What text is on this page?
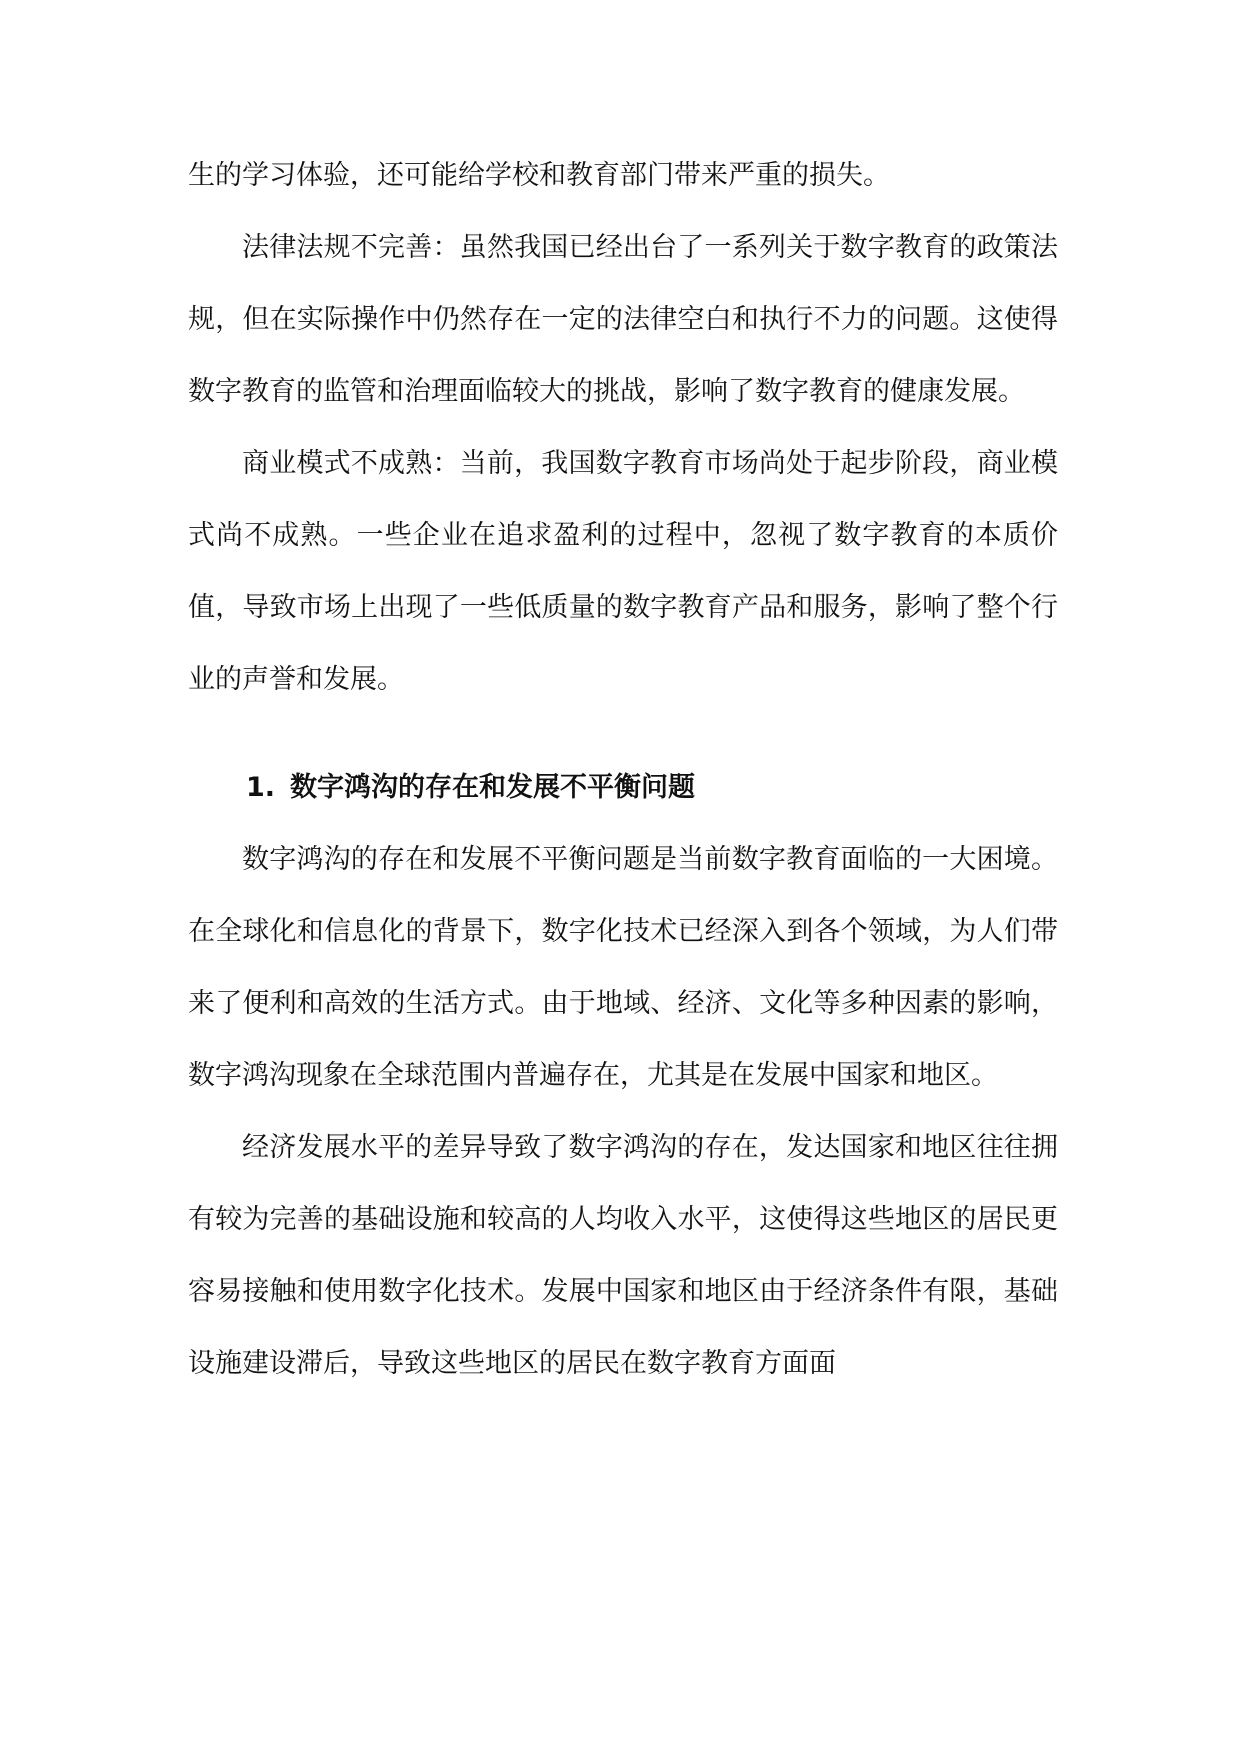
生的学习体验，还可能给学校和教育部门带来严重的损失。

法律法规不完善：虽然我国已经出台了一系列关于数字教育的政策法规，但在实际操作中仍然存在一定的法律空白和执行不力的问题。这使得数字教育的监管和治理面临较大的挑战，影响了数字教育的健康发展。

商业模式不成熟：当前，我国数字教育市场尚处于起步阶段，商业模式尚不成熟。一些企业在追求盈利的过程中，忽视了数字教育的本质价值，导致市场上出现了一些低质量的数字教育产品和服务，影响了整个行业的声誉和发展。

1. 数字鸿沟的存在和发展不平衡问题

数字鸿沟的存在和发展不平衡问题是当前数字教育面临的一大困境。在全球化和信息化的背景下，数字化技术已经深入到各个领域，为人们带来了便利和高效的生活方式。由于地域、经济、文化等多种因素的影响，数字鸿沟现象在全球范围内普遍存在，尤其是在发展中国家和地区。

经济发展水平的差异导致了数字鸿沟的存在，发达国家和地区往往拥有较为完善的基础设施和较高的人均收入水平，这使得这些地区的居民更容易接触和使用数字化技术。发展中国家和地区由于经济条件有限，基础设施建设滞后，导致这些地区的居民在数字教育方面面
